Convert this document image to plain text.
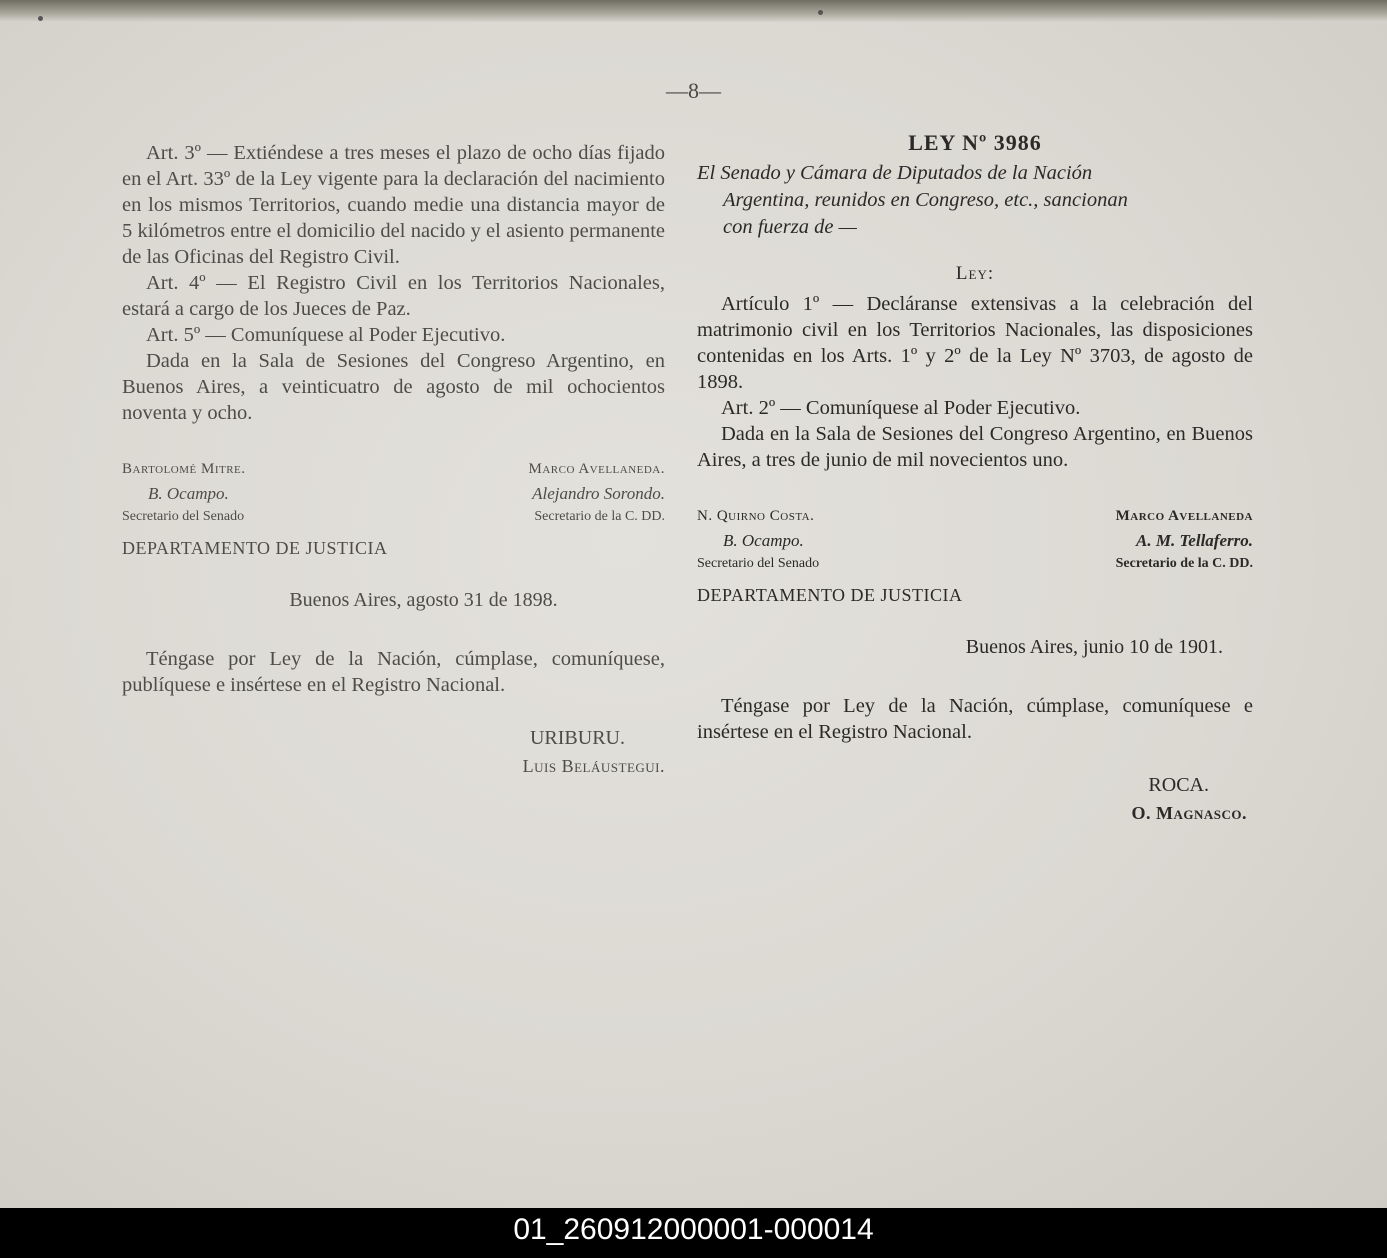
—8—

Art. 3º — Extiéndese a tres meses el plazo de ocho días fijado en el Art. 33º de la Ley vigente para la declaración del nacimiento en los mismos Territorios, cuando medie una distancia mayor de 5 kilómetros entre el domicilio del nacido y el asiento permanente de las Oficinas del Registro Civil.

Art. 4º — El Registro Civil en los Territorios Nacionales, estará a cargo de los Jueces de Paz.

Art. 5º — Comuníquese al Poder Ejecutivo.

Dada en la Sala de Sesiones del Congreso Argentino, en Buenos Aires, a veinticuatro de agosto de mil ochocientos noventa y ocho.

Bartolomé Mitre.
B. Ocampo.
Secretario del Senado
Marco Avellaneda.
Alejandro Sorondo.
Secretario de la C. DD.
DEPARTAMENTO DE JUSTICIA
Buenos Aires, agosto 31 de 1898.

Téngase por Ley de la Nación, cúmplase, comuníquese, publíquese e insértese en el Registro Nacional.

URIBURU.
Luis Beláustegui.
LEY Nº 3986

El Senado y Cámara de Diputados de la Nación
Argentina, reunidos en Congreso, etc., sancionan
con fuerza de —

Ley:

Artículo 1º — Decláranse extensivas a la celebración del matrimonio civil en los Territorios Nacionales, las disposiciones contenidas en los Arts. 1º y 2º de la Ley Nº 3703, de agosto de 1898.

Art. 2º — Comuníquese al Poder Ejecutivo.

Dada en la Sala de Sesiones del Congreso Argentino, en Buenos Aires, a tres de junio de mil novecientos uno.

N. Quirno Costa.
B. Ocampo.
Secretario del Senado
Marco Avellaneda
A. M. Tellaferro.
Secretario de la C. DD.
DEPARTAMENTO DE JUSTICIA
Buenos Aires, junio 10 de 1901.

Téngase por Ley de la Nación, cúmplase, comuníquese e insértese en el Registro Nacional.

ROCA.
O. Magnasco.
01_260912000001-000014
